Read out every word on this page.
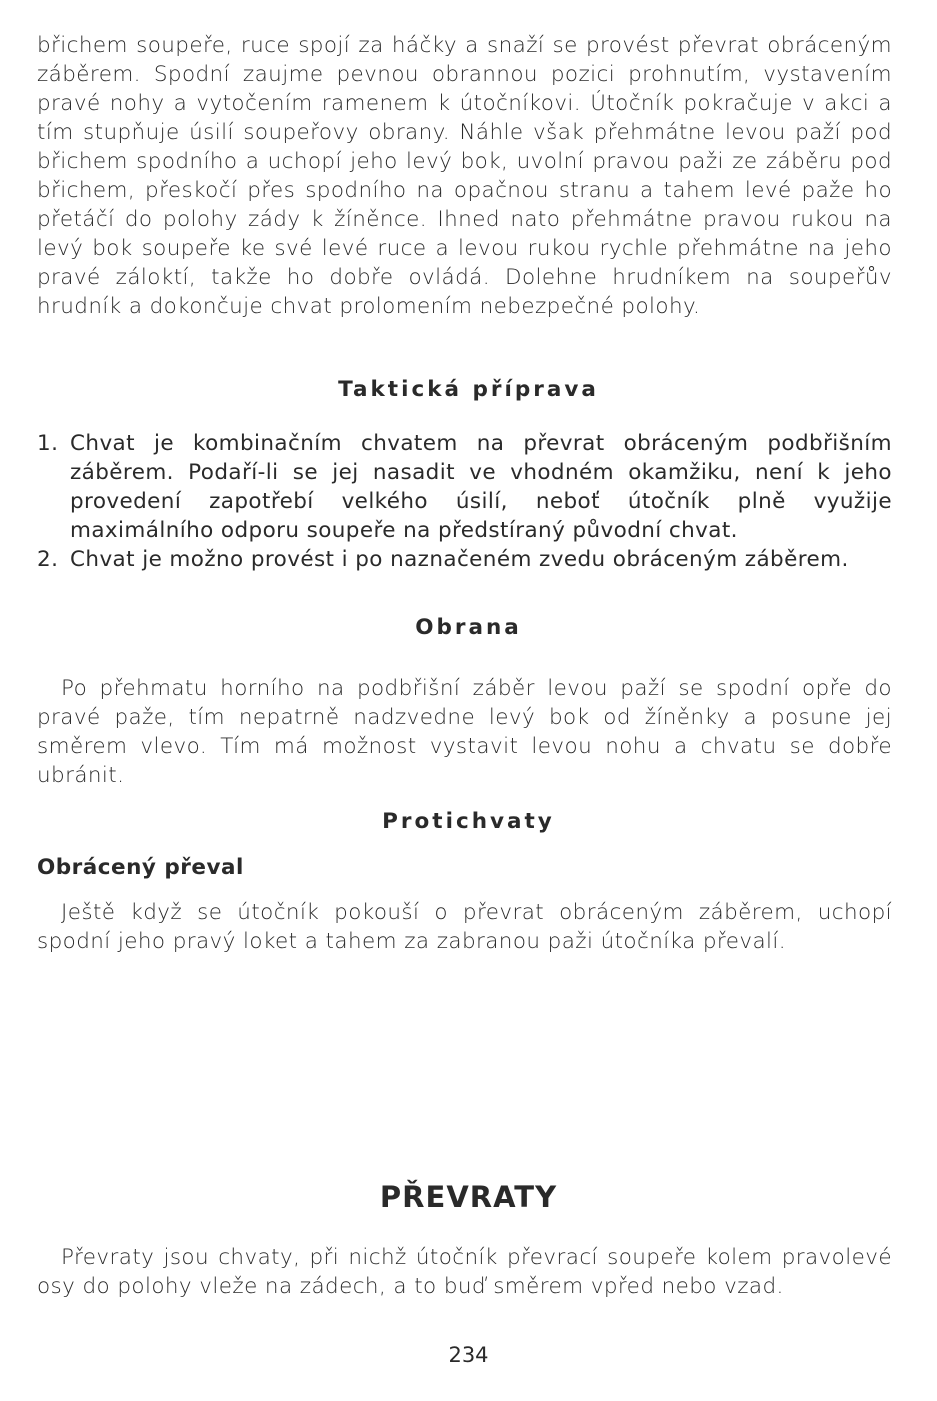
břichem soupeře, ruce spojí za háčky a snaží se provést převrat obráceným záběrem. Spodní zaujme pevnou obrannou pozici prohnutím, vystavením pravé nohy a vytočením ramenem k útočníkovi. Útočník pokračuje v akci a tím stupňuje úsilí soupeřovy obrany. Náhle však přehmátne levou paží pod břichem spodního a uchopí jeho levý bok, uvolní pravou paži ze záběru pod břichem, přeskočí přes spodního na opačnou stranu a tahem levé paže ho přetáčí do polohy zády k žíněnce. Ihned nato přehmátne pravou rukou na levý bok soupeře ke své levé ruce a levou rukou rychle přehmátne na jeho pravé záloktí, takže ho dobře ovládá. Dolehne hrudníkem na soupeřův hrudník a dokončuje chvat prolomením nebezpečné polohy.

Taktická příprava
1. Chvat je kombinačním chvatem na převrat obráceným podbřišním záběrem. Podaří-li se jej nasadit ve vhodném okamžiku, není k jeho provedení zapotřebí velkého úsilí, neboť útočník plně využije maximálního odporu soupeře na předstíraný původní chvat.
2. Chvat je možno provést i po naznačeném zvedu obráceným záběrem.
Obrana

Po přehmatu horního na podbřišní záběr levou paží se spodní opře do pravé paže, tím nepatrně nadzvedne levý bok od žíněnky a posune jej směrem vlevo. Tím má možnost vystavit levou nohu a chvatu se dobře ubránit.

Protichvaty
Obrácený převal

Ještě když se útočník pokouší o převrat obráceným záběrem, uchopí spodní jeho pravý loket a tahem za zabranou paži útočníka převalí.

PŘEVRATY

Převraty jsou chvaty, při nichž útočník převrací soupeře kolem pravolevé osy do polohy vleže na zádech, a to buď směrem vpřed nebo vzad.

234
